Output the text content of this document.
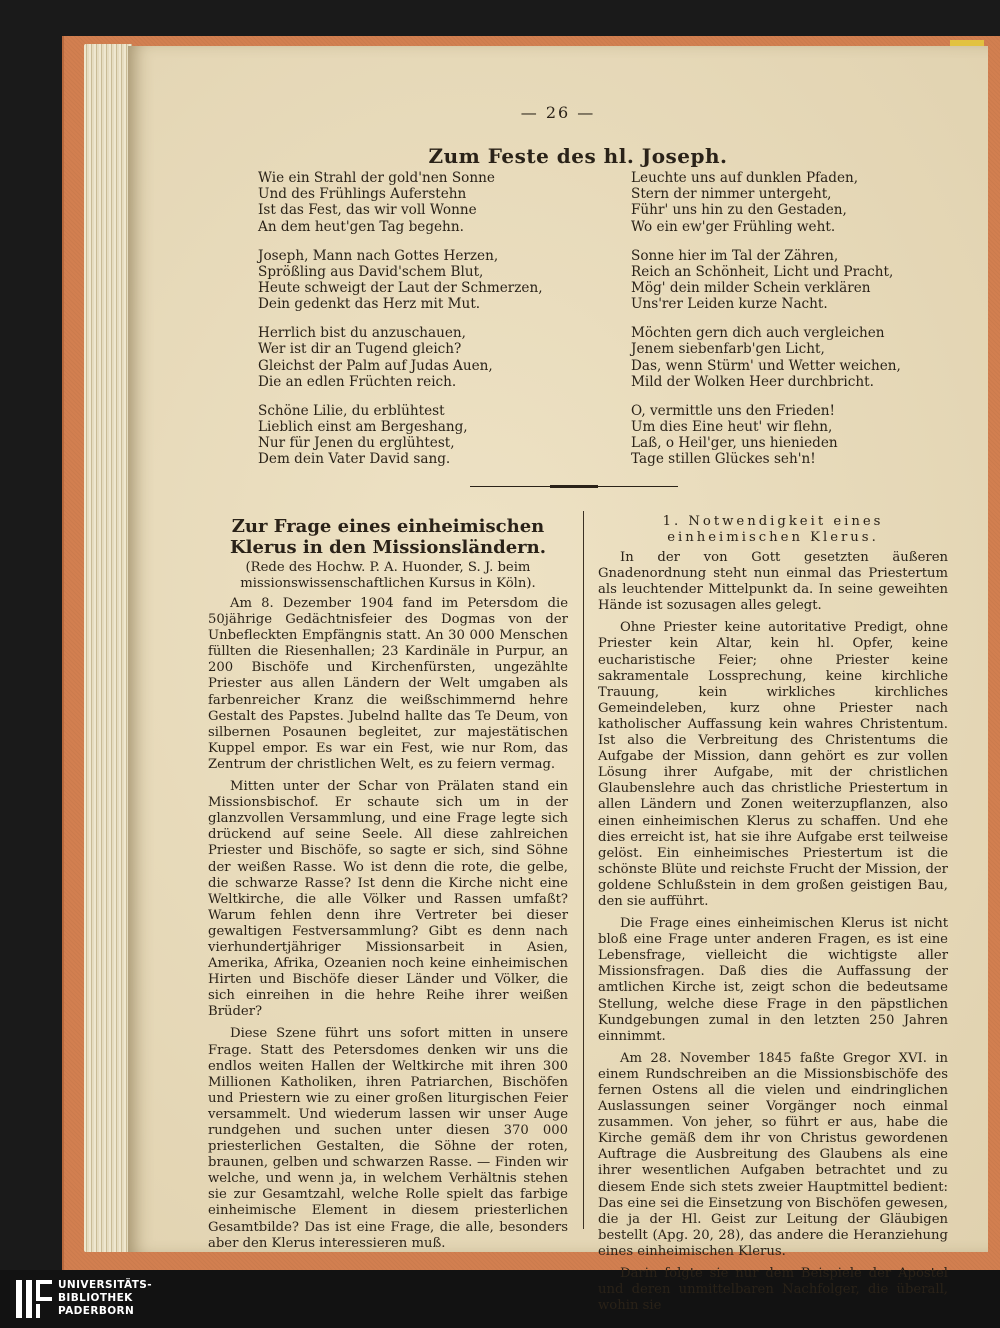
— 26 —
Zum Feste des hl. Joseph.
Wie ein Strahl der gold'nen Sonne
Und des Frühlings Auferstehn
Ist das Fest, das wir voll Wonne
An dem heut'gen Tag begehn.
Joseph, Mann nach Gottes Herzen,
Sprößling aus David'schem Blut,
Heute schweigt der Laut der Schmerzen,
Dein gedenkt das Herz mit Mut.
Herrlich bist du anzuschauen,
Wer ist dir an Tugend gleich?
Gleichst der Palm auf Judas Auen,
Die an edlen Früchten reich.
Schöne Lilie, du erblühtest
Lieblich einst am Bergeshang,
Nur für Jenen du erglühtest,
Dem dein Vater David sang.
Leuchte uns auf dunklen Pfaden,
Stern der nimmer untergeht,
Führ' uns hin zu den Gestaden,
Wo ein ew'ger Frühling weht.
Sonne hier im Tal der Zähren,
Reich an Schönheit, Licht und Pracht,
Mög' dein milder Schein verklären
Uns'rer Leiden kurze Nacht.
Möchten gern dich auch vergleichen
Jenem siebenfarb'gen Licht,
Das, wenn Stürm' und Wetter weichen,
Mild der Wolken Heer durchbricht.
O, vermittle uns den Frieden!
Um dies Eine heut' wir flehn,
Laß, o Heil'ger, uns hienieden
Tage stillen Glückes seh'n!
Zur Frage eines einheimischen Klerus in den Missionsländern.
(Rede des Hochw. P. A. Huonder, S. J. beim missionswissenschaftlichen Kursus in Köln).

Am 8. Dezember 1904 fand im Petersdom die 50jährige Gedächtnisfeier des Dogmas von der Unbefleckten Empfängnis statt. An 30 000 Menschen füllten die Riesenhallen; 23 Kardinäle in Purpur, an 200 Bischöfe und Kirchenfürsten, ungezählte Priester aus allen Ländern der Welt umgaben als farbenreicher Kranz die weißschimmernd hehre Gestalt des Papstes. Jubelnd hallte das Te Deum, von silbernen Posaunen begleitet, zur majestätischen Kuppel empor. Es war ein Fest, wie nur Rom, das Zentrum der christlichen Welt, es zu feiern vermag.

Mitten unter der Schar von Prälaten stand ein Missionsbischof. Er schaute sich um in der glanzvollen Versammlung, und eine Frage legte sich drückend auf seine Seele. All diese zahlreichen Priester und Bischöfe, so sagte er sich, sind Söhne der weißen Rasse. Wo ist denn die rote, die gelbe, die schwarze Rasse? Ist denn die Kirche nicht eine Weltkirche, die alle Völker und Rassen umfaßt? Warum fehlen denn ihre Vertreter bei dieser gewaltigen Festversammlung? Gibt es denn nach vierhundertjähriger Missionsarbeit in Asien, Amerika, Afrika, Ozeanien noch keine einheimischen Hirten und Bischöfe dieser Länder und Völker, die sich einreihen in die hehre Reihe ihrer weißen Brüder?

Diese Szene führt uns sofort mitten in unsere Frage. Statt des Petersdomes denken wir uns die endlos weiten Hallen der Weltkirche mit ihren 300 Millionen Katholiken, ihren Patriarchen, Bischöfen und Priestern wie zu einer großen liturgischen Feier versammelt. Und wiederum lassen wir unser Auge rundgehen und suchen unter diesen 370 000 priesterlichen Gestalten, die Söhne der roten, braunen, gelben und schwarzen Rasse. — Finden wir welche, und wenn ja, in welchem Verhältnis stehen sie zur Gesamtzahl, welche Rolle spielt das farbige einheimische Element in diesem priesterlichen Gesamtbilde? Das ist eine Frage, die alle, besonders aber den Klerus interessieren muß.

1. Notwendigkeit eines einheimischen Klerus.

In der von Gott gesetzten äußeren Gnadenordnung steht nun einmal das Priestertum als leuchtender Mittelpunkt da. In seine geweihten Hände ist sozusagen alles gelegt.

Ohne Priester keine autoritative Predigt, ohne Priester kein Altar, kein hl. Opfer, keine eucharistische Feier; ohne Priester keine sakramentale Lossprechung, keine kirchliche Trauung, kein wirkliches kirchliches Gemeindeleben, kurz ohne Priester nach katholischer Auffassung kein wahres Christentum. Ist also die Verbreitung des Christentums die Aufgabe der Mission, dann gehört es zur vollen Lösung ihrer Aufgabe, mit der christlichen Glaubenslehre auch das christliche Priestertum in allen Ländern und Zonen weiterzupflanzen, also einen einheimischen Klerus zu schaffen. Und ehe dies erreicht ist, hat sie ihre Aufgabe erst teilweise gelöst. Ein einheimisches Priestertum ist die schönste Blüte und reichste Frucht der Mission, der goldene Schlußstein in dem großen geistigen Bau, den sie aufführt.

Die Frage eines einheimischen Klerus ist nicht bloß eine Frage unter anderen Fragen, es ist eine Lebensfrage, vielleicht die wichtigste aller Missionsfragen. Daß dies die Auffassung der amtlichen Kirche ist, zeigt schon die bedeutsame Stellung, welche diese Frage in den päpstlichen Kundgebungen zumal in den letzten 250 Jahren einnimmt.

Am 28. November 1845 faßte Gregor XVI. in einem Rundschreiben an die Missionsbischöfe des fernen Ostens all die vielen und eindringlichen Auslassungen seiner Vorgänger noch einmal zusammen. Von jeher, so führt er aus, habe die Kirche gemäß dem ihr von Christus gewordenen Auftrage die Ausbreitung des Glaubens als eine ihrer wesentlichen Aufgaben betrachtet und zu diesem Ende sich stets zweier Hauptmittel bedient: Das eine sei die Einsetzung von Bischöfen gewesen, die ja der Hl. Geist zur Leitung der Gläubigen bestellt (Apg. 20, 28), das andere die Heranziehung eines einheimischen Klerus.

Darin folgte sie nur dem Beispiele der Apostel und deren unmittelbaren Nachfolger, die überall, wohin sie

UNIVERSITÄTS-
BIBLIOTHEK
PADERBORN
